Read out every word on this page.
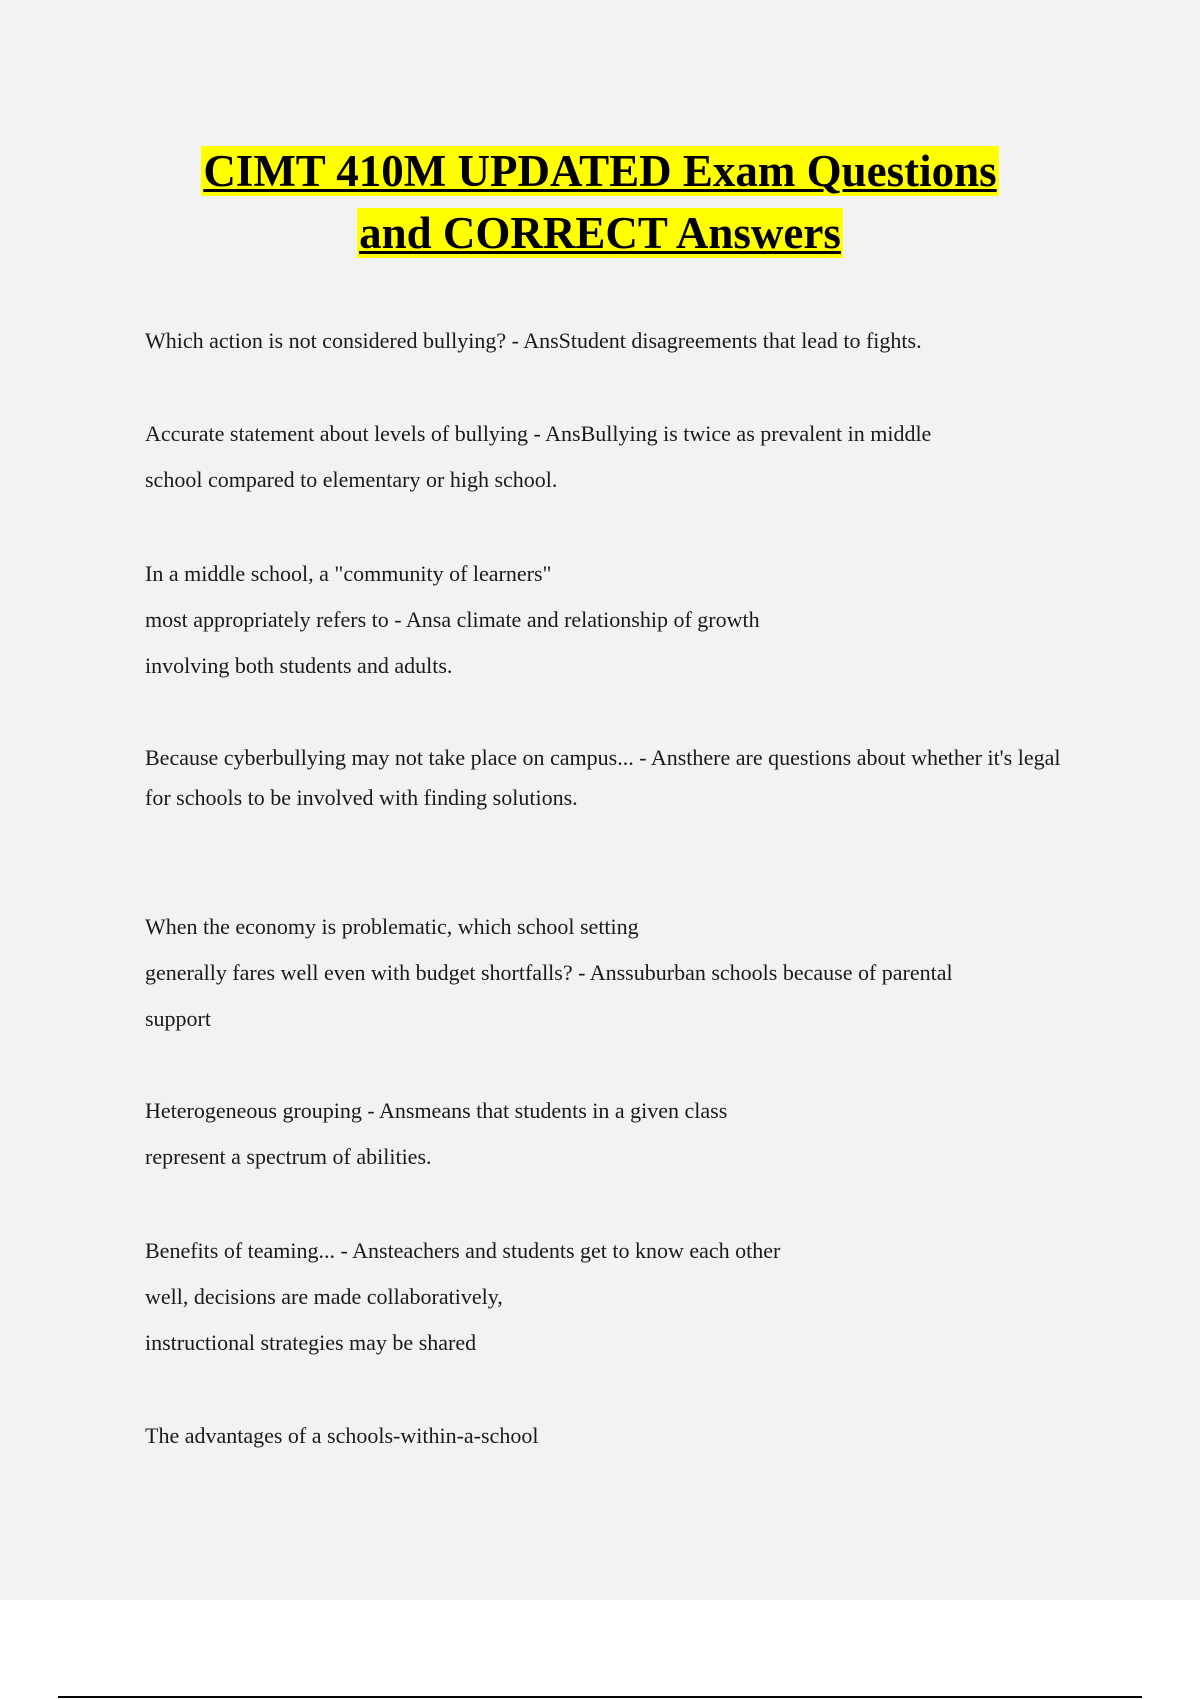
CIMT 410M UPDATED Exam Questions
and CORRECT Answers
Which action is not considered bullying? - AnsStudent disagreements that lead to fights.
Accurate statement about levels of bullying - AnsBullying is twice as prevalent in middle
school compared to elementary or high school.
In a middle school, a "community of learners"
most appropriately refers to - Ansa climate and relationship of growth
involving both students and adults.
Because cyberbullying may not take place on campus... - Ansthere are questions about whether it's legal
for schools to be involved with finding solutions.
When the economy is problematic, which school setting
generally fares well even with budget shortfalls? - Anssuburban schools because of parental
support
Heterogeneous grouping - Ansmeans that students in a given class
represent a spectrum of abilities.
Benefits of teaming... - Ansteachers and students get to know each other
well, decisions are made collaboratively,
instructional strategies may be shared
The advantages of a schools-within-a-school
